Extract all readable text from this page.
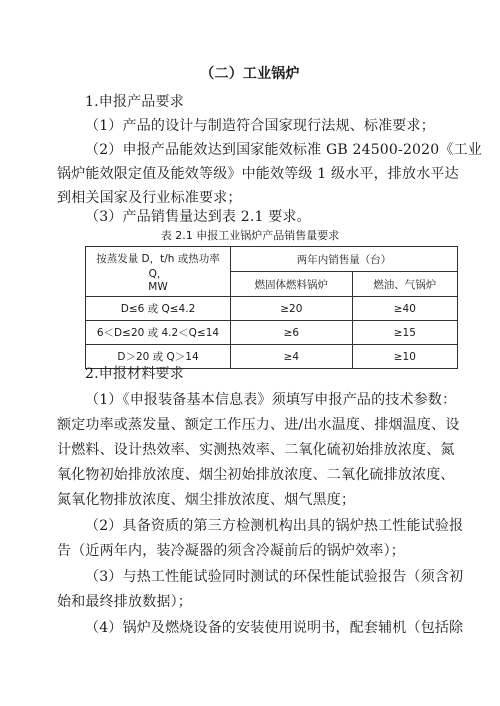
（二）工业锅炉
1.申报产品要求
（1）产品的设计与制造符合国家现行法规、标准要求；
（2）申报产品能效达到国家能效标准 GB 24500-2020《工业
锅炉能效限定值及能效等级》中能效等级 1 级水平，排放水平达
到相关国家及行业标准要求；
（3）产品销售量达到表 2.1 要求。
表 2.1 申报工业锅炉产品销售量要求
按蒸发量 D，t/h 或热功率 Q，
MW	两年内销售量（台）	
	燃固体燃料锅炉	燃油、气锅炉
D≤6 或 Q≤4.2	≥20	≥40
6＜D≤20 或 4.2＜Q≤14	≥6	≥15
D＞20 或 Q＞14	≥4	≥10
2.申报材料要求
（1）《申报装备基本信息表》须填写申报产品的技术参数：
额定功率或蒸发量、额定工作压力、进/出水温度、排烟温度、设
计燃料、设计热效率、实测热效率、二氧化硫初始排放浓度、氮
氧化物初始排放浓度、烟尘初始排放浓度、二氧化硫排放浓度、
氮氧化物排放浓度、烟尘排放浓度、烟气黑度；
（2）具备资质的第三方检测机构出具的锅炉热工性能试验报
告（近两年内，装冷凝器的须含冷凝前后的锅炉效率）；
（3）与热工性能试验同时测试的环保性能试验报告（须含初
始和最终排放数据）；
（4）锅炉及燃烧设备的安装使用说明书，配套辅机（包括除
